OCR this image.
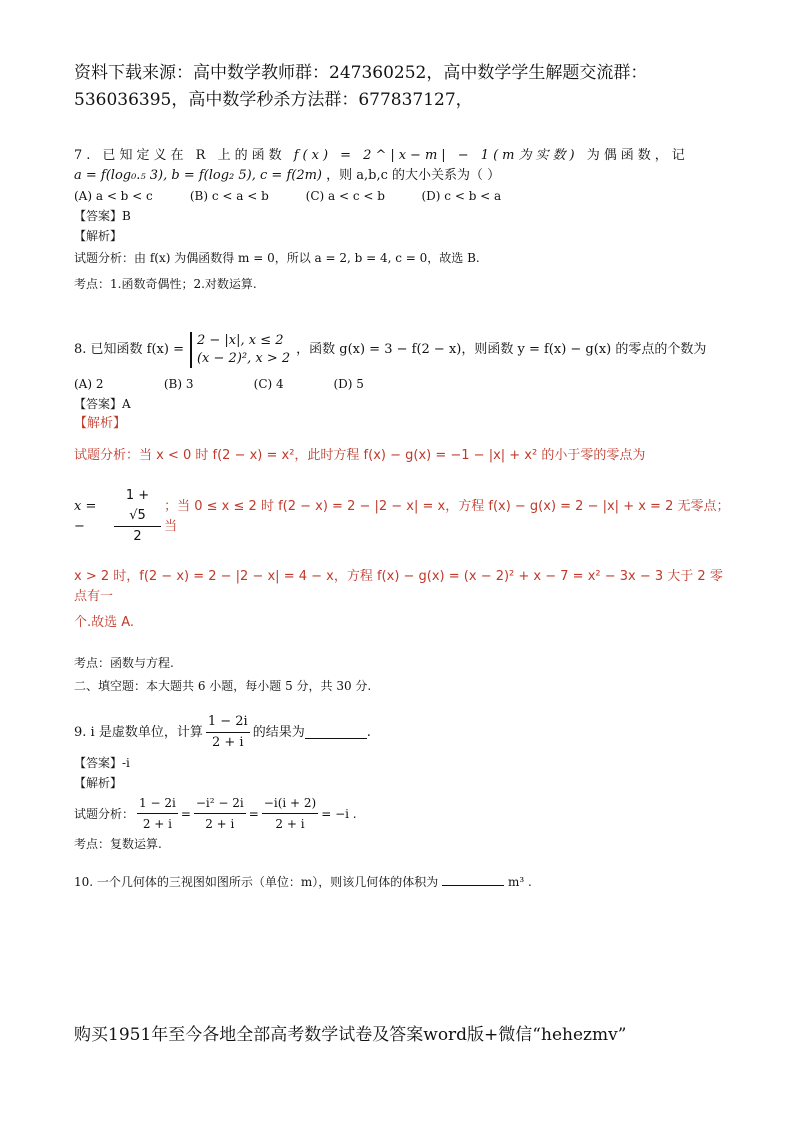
资料下载来源：高中数学教师群：247360252，高中数学学生解题交流群：
536036395，高中数学秒杀方法群：677837127，
7. 已知定义在 R 上的函数 f(x) = 2^|x−m| − 1(m为实数) 为偶函数，记
a = f(log₀.₅ 3), b = f(log₂ 5), c = f(2m) ，则 a,b,c 的大小关系为（ ）
(A) a < b < c	(B) c < a < b	(C) a < c < b	(D) c < b < a
【答案】B
【解析】
试题分析：由 f(x) 为偶函数得 m = 0，所以 a = 2, b = 4, c = 0，故选 B.
考点：1.函数奇偶性；2.对数运算.
8. 已知函数 f(x) =
2 − |x|, x ≤ 2
(x − 2)², x > 2
，函数 g(x) = 3 − f(2 − x)，则函数 y = f(x) − g(x) 的零点的个数为
(A) 2	(B) 3	(C) 4	(D) 5
【答案】A
【解析】
试题分析：当 x < 0 时 f(2 − x) = x²，此时方程 f(x) − g(x) = −1 − |x| + x² 的小于零的零点为
x = −	$\frac{1 + √5}{2}$ ；当 0 ≤ x ≤ 2 时 f(2 − x) = 2 − |2 − x| = x，方程 f(x) − g(x) = 2 − |x| + x = 2 无零点；当
x > 2 时，f(2 − x) = 2 − |2 − x| = 4 − x，方程 f(x) − g(x) = (x − 2)² + x − 7 = x² − 3x − 3 大于 2 零点有一
个.故选 A.
考点：函数与方程.
二、填空题：本大题共 6 小题，每小题 5 分，共 30 分.
9. i 是虚数单位，计算 $\frac{1 - 2i}{2 + i}$ 的结果为	.
【答案】-i
【解析】
试题分析： $\frac{1 - 2i}{2 + i} = \frac{\text{−i² − 2i}}{2 + i} = \frac{-i(i + 2)}{2 + i} = -i$ .
考点：复数运算.
10. 一个几何体的三视图如图所示（单位：m），则该几何体的体积为	m³ .
购买1951年至今各地全部高考数学试卷及答案word版+微信“hehezmv”
